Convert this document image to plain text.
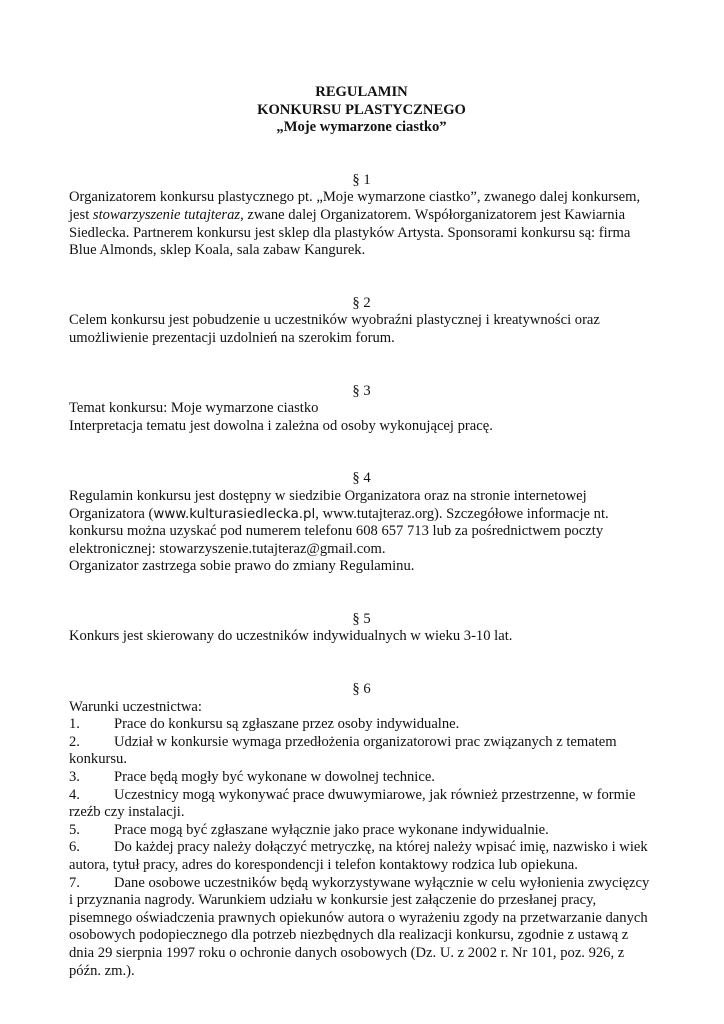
REGULAMIN
KONKURSU PLASTYCZNEGO
„Moje wymarzone ciastko”
§ 1

Organizatorem konkursu plastycznego pt. „Moje wymarzone ciastko”, zwanego dalej konkursem, jest stowarzyszenie tutajteraz, zwane dalej Organizatorem. Współorganizatorem jest Kawiarnia Siedlecka. Partnerem konkursu jest sklep dla plastyków Artysta. Sponsorami konkursu są: firma Blue Almonds, sklep Koala, sala zabaw Kangurek.

§ 2

Celem konkursu jest pobudzenie u uczestników wyobraźni plastycznej i kreatywności oraz umożliwienie prezentacji uzdolnień na szerokim forum.

§ 3

Temat konkursu: Moje wymarzone ciastko

Interpretacja tematu jest dowolna i zależna od osoby wykonującej pracę.

§ 4

Regulamin konkursu jest dostępny w siedzibie Organizatora oraz na stronie internetowej Organizatora (www.kulturasiedlecka.pl, www.tutajteraz.org). Szczegółowe informacje nt. konkursu można uzyskać pod numerem telefonu 608 657 713 lub za pośrednictwem poczty elektronicznej: stowarzyszenie.tutajteraz@gmail.com.

Organizator zastrzega sobie prawo do zmiany Regulaminu.

§ 5

Konkurs jest skierowany do uczestników indywidualnych w wieku 3-10 lat.

§ 6

Warunki uczestnictwa:

1. Prace do konkursu są zgłaszane przez osoby indywidualne.

2. Udział w konkursie wymaga przedłożenia organizatorowi prac związanych z tematem konkursu.

3. Prace będą mogły być wykonane w dowolnej technice.

4. Uczestnicy mogą wykonywać prace dwuwymiarowe, jak również przestrzenne, w formie rzeźb czy instalacji.

5. Prace mogą być zgłaszane wyłącznie jako prace wykonane indywidualnie.

6. Do każdej pracy należy dołączyć metryczkę, na której należy wpisać imię, nazwisko i wiek autora, tytuł pracy, adres do korespondencji i telefon kontaktowy rodzica lub opiekuna.

7. Dane osobowe uczestników będą wykorzystywane wyłącznie w celu wyłonienia zwycięzcy i przyznania nagrody. Warunkiem udziału w konkursie jest załączenie do przesłanej pracy, pisemnego oświadczenia prawnych opiekunów autora o wyrażeniu zgody na przetwarzanie danych osobowych podopiecznego dla potrzeb niezbędnych dla realizacji konkursu, zgodnie z ustawą z dnia 29 sierpnia 1997 roku o ochronie danych osobowych (Dz. U. z 2002 r. Nr 101, poz. 926, z późn. zm.).
